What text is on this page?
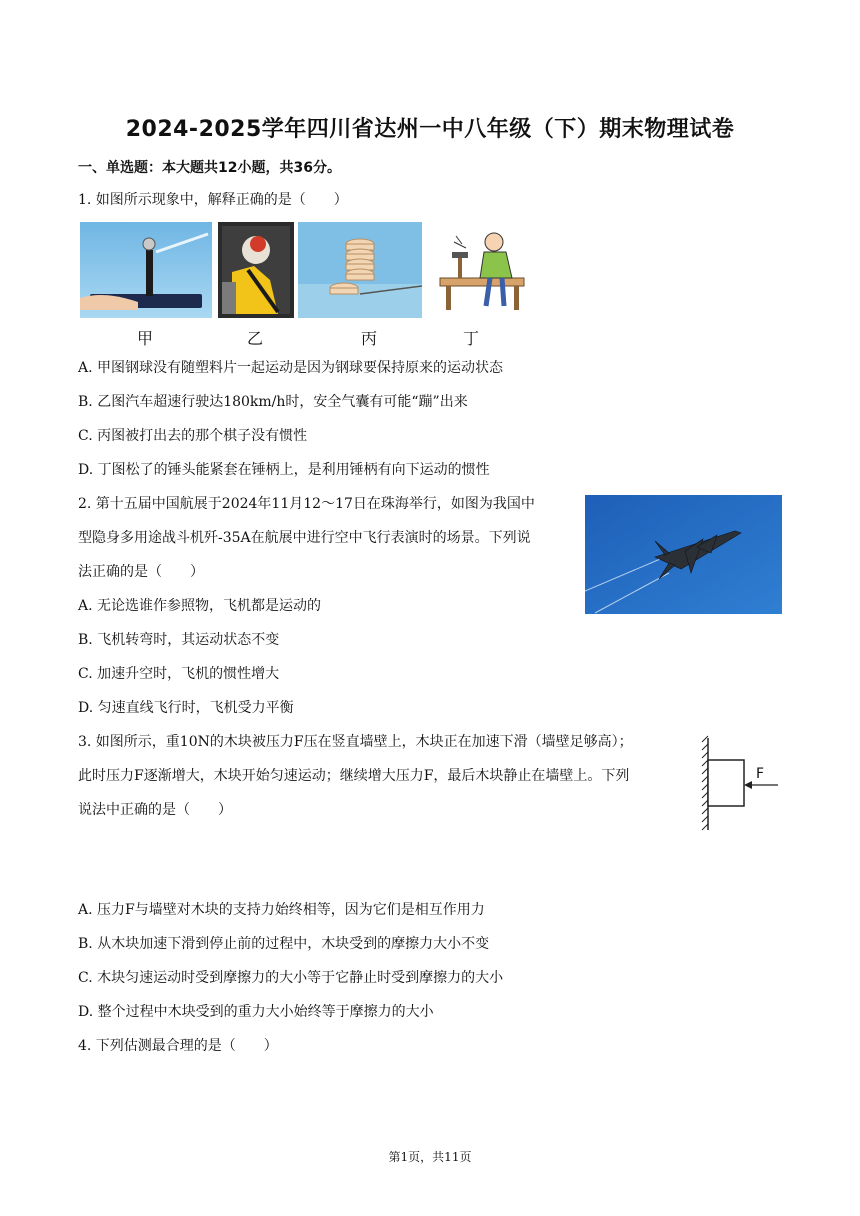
2024-2025学年四川省达州一中八年级（下）期末物理试卷
一、单选题：本大题共12小题，共36分。
1. 如图所示现象中，解释正确的是（　　）
甲	乙	丙	丁
A. 甲图钢球没有随塑料片一起运动是因为钢球要保持原来的运动状态
B. 乙图汽车超速行驶达180km/h时，安全气囊有可能“蹦”出来
C. 丙图被打出去的那个棋子没有惯性
D. 丁图松了的锤头能紧套在锤柄上，是利用锤柄有向下运动的惯性
2. 第十五届中国航展于2024年11月12～17日在珠海举行，如图为我国中
型隐身多用途战斗机歼-35A在航展中进行空中飞行表演时的场景。下列说
法正确的是（　　）
A. 无论选谁作参照物，飞机都是运动的
B. 飞机转弯时，其运动状态不变
C. 加速升空时，飞机的惯性增大
D. 匀速直线飞行时，飞机受力平衡
3. 如图所示，重10N的木块被压力F压在竖直墙壁上，木块正在加速下滑（墙壁足够高）；
此时压力F逐渐增大，木块开始匀速运动；继续增大压力F，最后木块静止在墙壁上。下列
说法中正确的是（　　）
F
A. 压力F与墙壁对木块的支持力始终相等，因为它们是相互作用力
B. 从木块加速下滑到停止前的过程中，木块受到的摩擦力大小不变
C. 木块匀速运动时受到摩擦力的大小等于它静止时受到摩擦力的大小
D. 整个过程中木块受到的重力大小始终等于摩擦力的大小
4. 下列估测最合理的是（　　）
第1页，共11页
